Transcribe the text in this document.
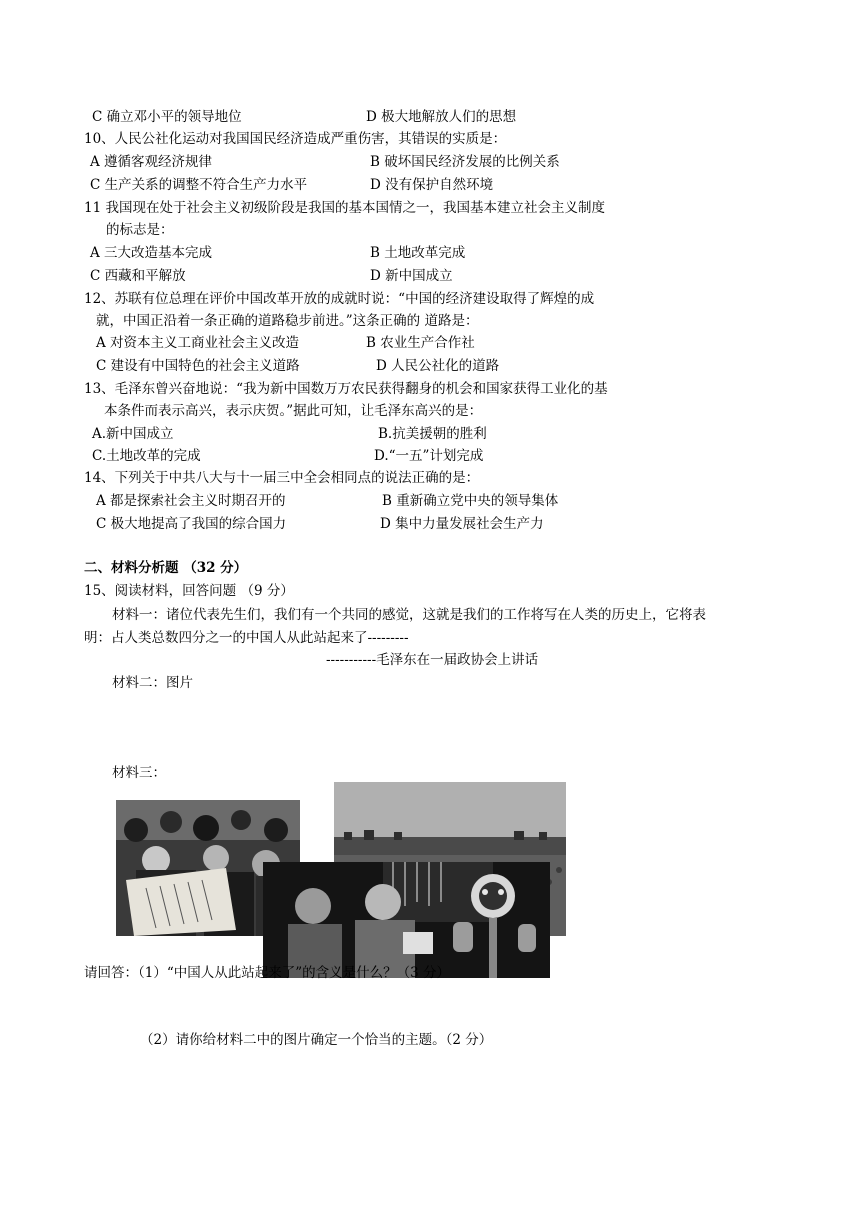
C 确立邓小平的领导地位	D 极大地解放人们的思想
10、人民公社化运动对我国国民经济造成严重伤害，其错误的实质是：
A 遵循客观经济规律	B 破坏国民经济发展的比例关系
C 生产关系的调整不符合生产力水平	D 没有保护自然环境
11 我国现在处于社会主义初级阶段是我国的基本国情之一，我国基本建立社会主义制度
的标志是：
A 三大改造基本完成	B 土地改革完成
C 西藏和平解放	D 新中国成立
12、苏联有位总理在评价中国改革开放的成就时说：“中国的经济建设取得了辉煌的成
就，中国正沿着一条正确的道路稳步前进。”这条正确的 道路是：
A 对资本主义工商业社会主义改造	B 农业生产合作社
C 建设有中国特色的社会主义道路	D 人民公社化的道路
13、毛泽东曾兴奋地说：“我为新中国数万万农民获得翻身的机会和国家获得工业化的基
本条件而表示高兴，表示庆贺。”据此可知，让毛泽东高兴的是：
A.新中国成立	B.抗美援朝的胜利
C.土地改革的完成	D.“一五”计划完成
14、下列关于中共八大与十一届三中全会相同点的说法正确的是：
A 都是探索社会主义时期召开的	B 重新确立党中央的领导集体
C 极大地提高了我国的综合国力	D 集中力量发展社会生产力
二、材料分析题 （32 分）
15、阅读材料，回答问题 （9 分）
材料一：诸位代表先生们，我们有一个共同的感觉，这就是我们的工作将写在人类的历史上，它将表
明：占人类总数四分之一的中国人从此站起来了---------
-----------毛泽东在一届政协会上讲话
材料二：图片
材料三：
请回答：（1）“中国人从此站起来了”的含义是什么？（3 分）
（2）请你给材料二中的图片确定一个恰当的主题。（2 分）
